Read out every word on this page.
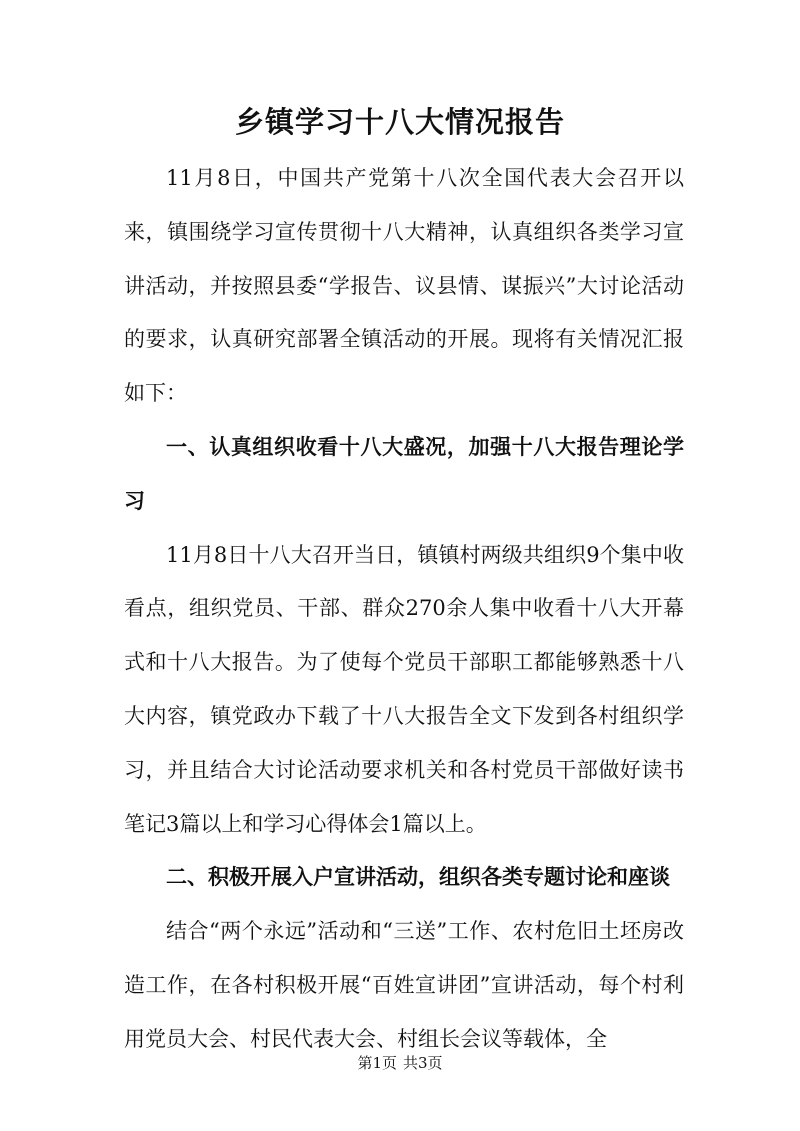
乡镇学习十八大情况报告

11月8日，中国共产党第十八次全国代表大会召开以来，镇围绕学习宣传贯彻十八大精神，认真组织各类学习宣讲活动，并按照县委“学报告、议县情、谋振兴”大讨论活动的要求，认真研究部署全镇活动的开展。现将有关情况汇报如下：

一、认真组织收看十八大盛况，加强十八大报告理论学习

11月8日十八大召开当日，镇镇村两级共组织9个集中收看点，组织党员、干部、群众270余人集中收看十八大开幕式和十八大报告。为了使每个党员干部职工都能够熟悉十八大内容，镇党政办下载了十八大报告全文下发到各村组织学习，并且结合大讨论活动要求机关和各村党员干部做好读书笔记3篇以上和学习心得体会1篇以上。

二、积极开展入户宣讲活动，组织各类专题讨论和座谈

结合“两个永远”活动和“三送”工作、农村危旧土坯房改造工作，在各村积极开展“百姓宣讲团”宣讲活动，每个村利用党员大会、村民代表大会、村组长会议等载体，全

第1页 共3页
